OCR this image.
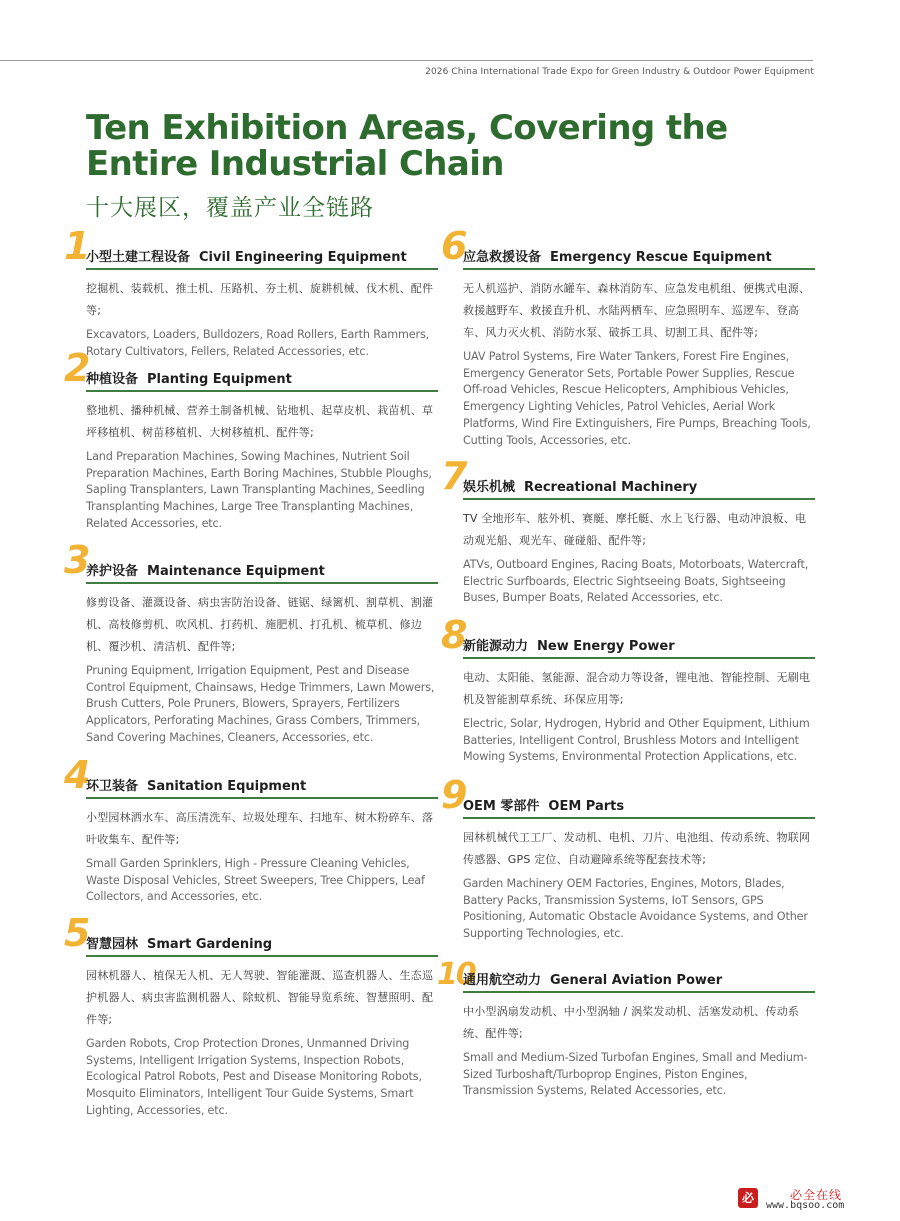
2026 China International Trade Expo for Green Industry & Outdoor Power Equipment
Ten Exhibition Areas, Covering the Entire Industrial Chain
十大展区，覆盖产业全链路
1
小型土建工程设备 Civil Engineering Equipment
挖掘机、装载机、推土机、压路机、夯土机、旋耕机械、伐木机、配件等;
Excavators, Loaders, Bulldozers, Road Rollers, Earth Rammers, Rotary Cultivators, Fellers, Related Accessories, etc.
2
种植设备 Planting Equipment
整地机、播种机械、营养土制备机械、钻地机、起草皮机、栽苗机、草坪移植机、树苗移植机、大树移植机、配件等;
Land Preparation Machines, Sowing Machines, Nutrient Soil Preparation Machines, Earth Boring Machines, Stubble Ploughs, Sapling Transplanters, Lawn Transplanting Machines, Seedling Transplanting Machines, Large Tree Transplanting Machines, Related Accessories, etc.
3
养护设备 Maintenance Equipment
修剪设备、灌溉设备、病虫害防治设备、链锯、绿篱机、割草机、割灌机、高枝修剪机、吹风机、打药机、施肥机、打孔机、梳草机、修边机、覆沙机、清洁机、配件等;
Pruning Equipment, Irrigation Equipment, Pest and Disease Control Equipment, Chainsaws, Hedge Trimmers, Lawn Mowers, Brush Cutters, Pole Pruners, Blowers, Sprayers, Fertilizers Applicators, Perforating Machines, Grass Combers, Trimmers, Sand Covering Machines, Cleaners, Accessories, etc.
4
环卫装备 Sanitation Equipment
小型园林洒水车、高压清洗车、垃圾处理车、扫地车、树木粉碎车、落叶收集车、配件等;
Small Garden Sprinklers, High - Pressure Cleaning Vehicles, Waste Disposal Vehicles, Street Sweepers, Tree Chippers, Leaf Collectors, and Accessories, etc.
5
智慧园林 Smart Gardening
园林机器人、植保无人机、无人驾驶、智能灌溉、巡查机器人、生态巡护机器人、病虫害监测机器人、除蚊机、智能导览系统、智慧照明、配件等;
Garden Robots, Crop Protection Drones, Unmanned Driving Systems, Intelligent Irrigation Systems, Inspection Robots, Ecological Patrol Robots, Pest and Disease Monitoring Robots, Mosquito Eliminators, Intelligent Tour Guide Systems, Smart Lighting, Accessories, etc.
6
应急救援设备 Emergency Rescue Equipment
无人机巡护、消防水罐车、森林消防车、应急发电机组、便携式电源、救援越野车、救援直升机、水陆两栖车、应急照明车、巡逻车、登高车、风力灭火机、消防水泵、破拆工具、切割工具、配件等;
UAV Patrol Systems, Fire Water Tankers, Forest Fire Engines, Emergency Generator Sets, Portable Power Supplies, Rescue Off-road Vehicles, Rescue Helicopters, Amphibious Vehicles, Emergency Lighting Vehicles, Patrol Vehicles, Aerial Work Platforms, Wind Fire Extinguishers, Fire Pumps, Breaching Tools, Cutting Tools, Accessories, etc.
7
娱乐机械 Recreational Machinery
TV 全地形车、舷外机、赛艇、摩托艇、水上飞行器、电动冲浪板、电动观光船、观光车、碰碰船、配件等;
ATVs, Outboard Engines, Racing Boats, Motorboats, Watercraft, Electric Surfboards, Electric Sightseeing Boats, Sightseeing Buses, Bumper Boats, Related Accessories, etc.
8
新能源动力 New Energy Power
电动、太阳能、氢能源、混合动力等设备，锂电池、智能控制、无刷电机及智能割草系统、环保应用等;
Electric, Solar, Hydrogen, Hybrid and Other Equipment, Lithium Batteries, Intelligent Control, Brushless Motors and Intelligent Mowing Systems, Environmental Protection Applications, etc.
9
OEM 零部件 OEM Parts
园林机械代工工厂、发动机、电机、刀片、电池组、传动系统、物联网传感器、GPS 定位、自动避障系统等配套技术等;
Garden Machinery OEM Factories, Engines, Motors, Blades, Battery Packs, Transmission Systems, IoT Sensors, GPS Positioning, Automatic Obstacle Avoidance Systems, and Other Supporting Technologies, etc.
10
通用航空动力 General Aviation Power
中小型涡扇发动机、中小型涡轴 / 涡桨发动机、活塞发动机、传动系统、配件等;
Small and Medium-Sized Turbofan Engines, Small and Medium-Sized Turboshaft/Turboprop Engines, Piston Engines, Transmission Systems, Related Accessories, etc.
必	必全在线
www.bqsoo.com
